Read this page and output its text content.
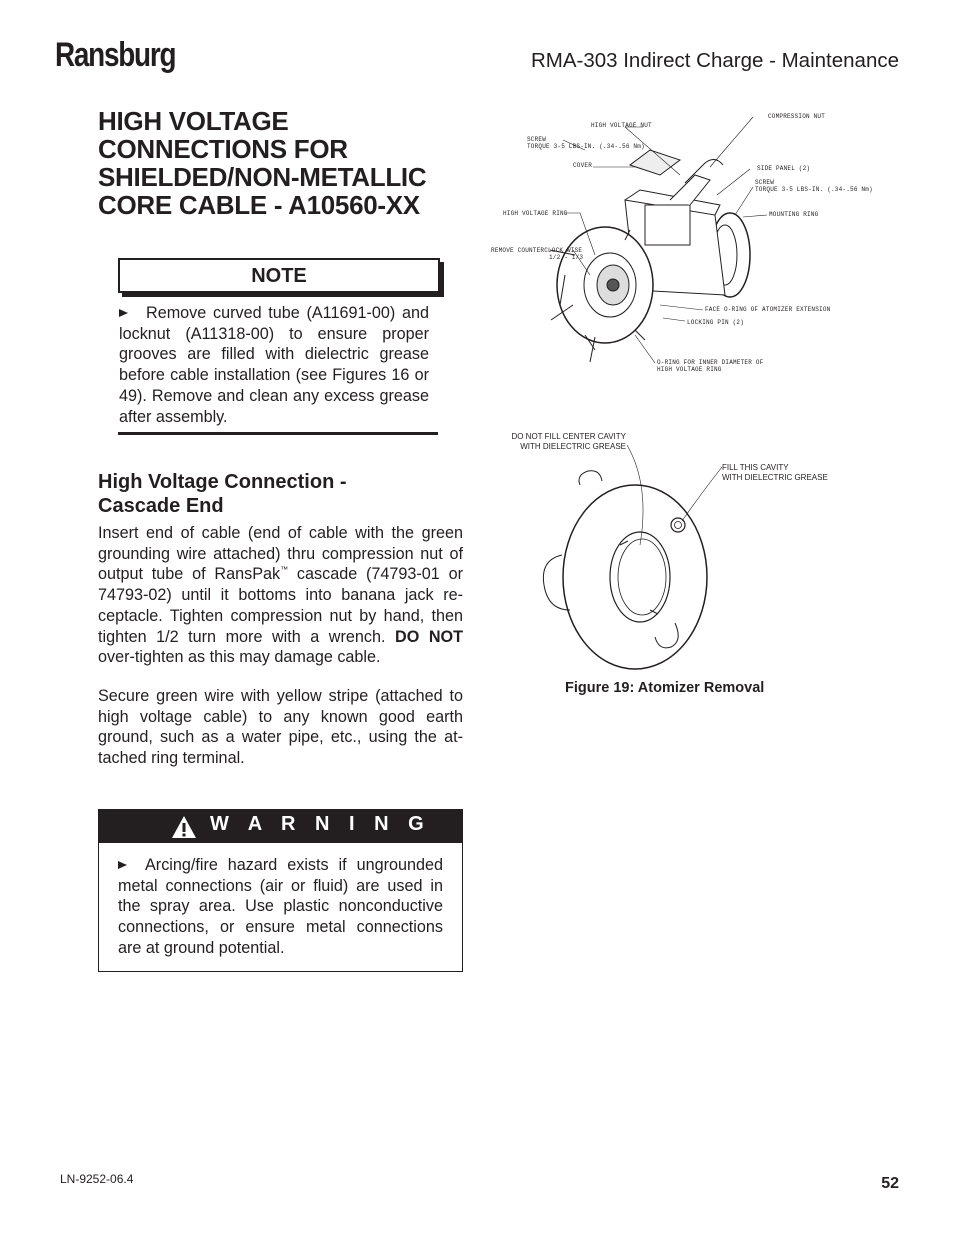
Ransburg	RMA-303 Indirect Charge - Maintenance
HIGH VOLTAGE CONNECTIONS FOR SHIELDED/NON-METALLIC CORE CABLE - A10560-XX
NOTE
Remove curved tube (A11691-00) and locknut (A11318-00) to ensure proper grooves are filled with dielectric grease before cable installation (see Figures 16 or 49). Remove and clean any excess grease after assembly.
High Voltage Connection - Cascade End
Insert end of cable (end of cable with the green grounding wire attached) thru compression nut of output tube of RansPak™ cascade (74793-01 or 74793-02) until it bottoms into banana jack re-ceptacle. Tighten compression nut by hand, then tighten 1/2 turn more with a wrench. DO NOT over-tighten as this may damage cable.
Secure green wire with yellow stripe (attached to high voltage cable) to any known good earth ground, such as a water pipe, etc., using the at-tached ring terminal.
W A R N I N G
Arcing/fire hazard exists if ungrounded metal connections (air or fluid) are used in the spray area. Use plastic nonconductive connections, or ensure metal connections are at ground potential.
HIGH VOLTAGE NUT
SCREW
TORQUE 3-5 LBS-IN. (.34-.56 Nm)
COVER
COMPRESSION NUT
SIDE PANEL (2)
SCREW
TORQUE 3-5 LBS-IN. (.34-.56 Nm)
MOUNTING RING
HIGH VOLTAGE RING
REMOVE COUNTERCLOCK WISE
1/2 - 1/3
FACE O-RING OF ATOMIZER EXTENSION
LOCKING PIN (2)
O-RING FOR INNER DIAMETER OF
HIGH VOLTAGE RING
DO NOT FILL CENTER CAVITY
WITH DIELECTRIC GREASE
FILL THIS CAVITY
WITH DIELECTRIC GREASE
Figure 19: Atomizer Removal
LN-9252-06.4	52
